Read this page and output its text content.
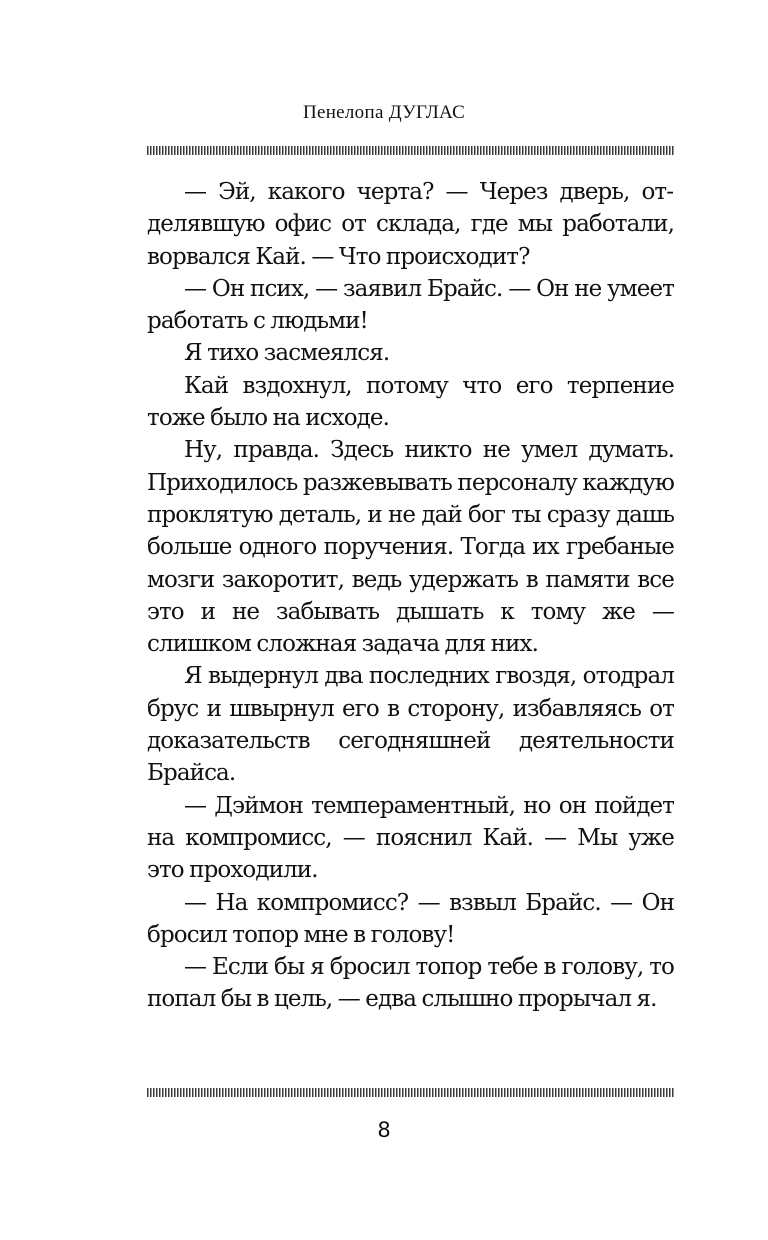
Пенелопа ДУГЛАС

— Эй, какого черта? — Через дверь, отделявшую офис от склада, где мы работали, ворвался Кай. — Что происходит?

— Он псих, — заявил Брайс. — Он не умеет работать с людьми!

Я тихо засмеялся.

Кай вздохнул, потому что его терпение тоже было на исходе.

Ну, правда. Здесь никто не умел думать. Приходилось разжевывать персоналу каждую проклятую деталь, и не дай бог ты сразу дашь больше одного поручения. Тогда их гребаные мозги закоротит, ведь удержать в памяти все это и не забывать дышать к тому же — слишком сложная задача для них.

Я выдернул два последних гвоздя, отодрал брус и швырнул его в сторону, избавляясь от доказательств сегодняшней деятельности Брайса.

— Дэймон темпераментный, но он пойдет на компромисс, — пояснил Кай. — Мы уже это проходили.

— На компромисс? — взвыл Брайс. — Он бросил топор мне в голову!

— Если бы я бросил топор тебе в голову, то попал бы в цель, — едва слышно прорычал я.

8
